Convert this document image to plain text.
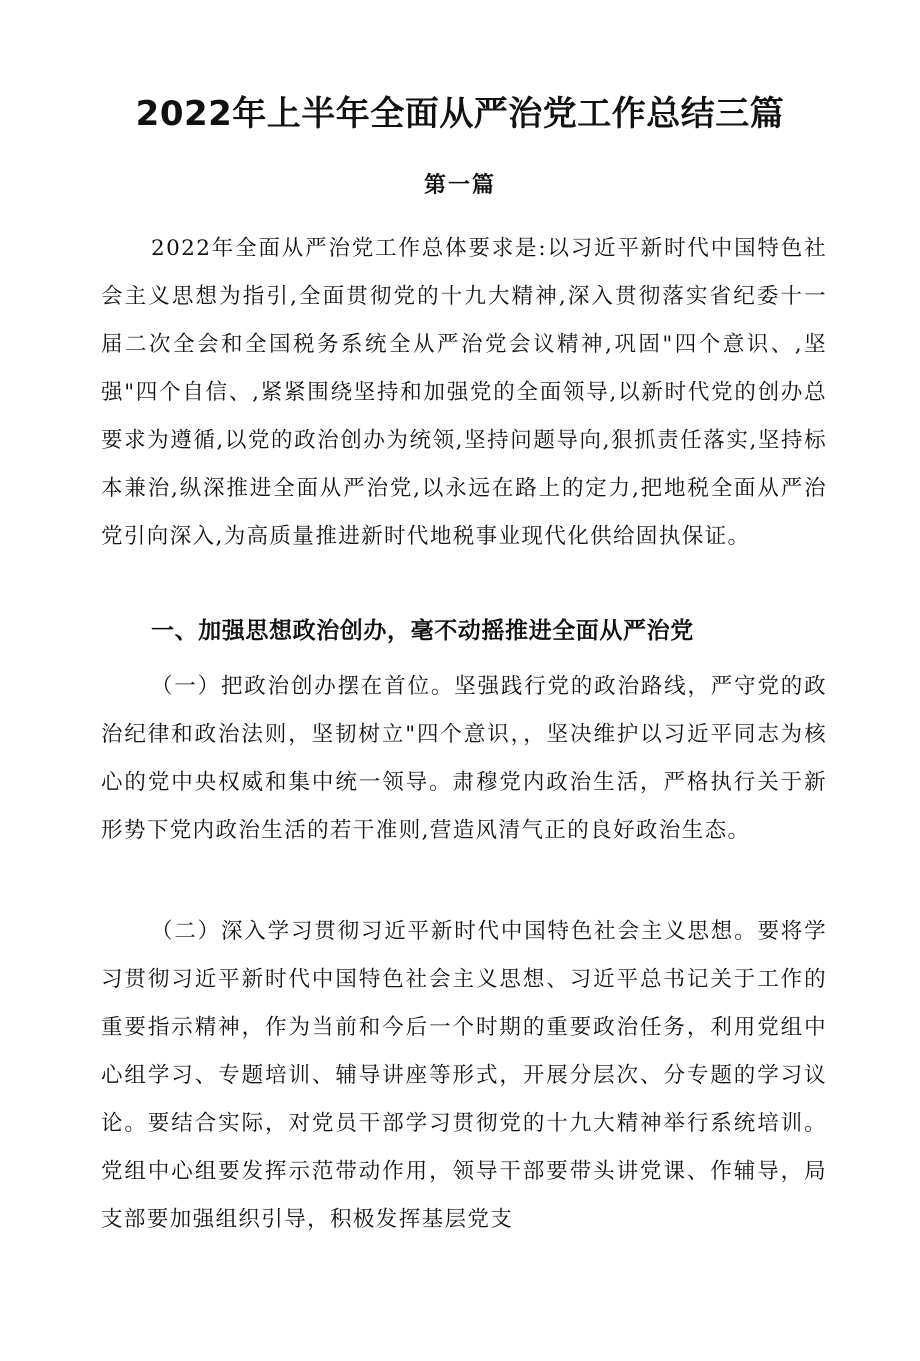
2022年上半年全面从严治党工作总结三篇
第一篇

2022年全面从严治党工作总体要求是:以习近平新时代中国特色社会主义思想为指引,全面贯彻党的十九大精神,深入贯彻落实省纪委十一届二次全会和全国税务系统全从严治党会议精神,巩固"四个意识、,坚强"四个自信、,紧紧围绕坚持和加强党的全面领导,以新时代党的创办总要求为遵循,以党的政治创办为统领,坚持问题导向,狠抓责任落实,坚持标本兼治,纵深推进全面从严治党,以永远在路上的定力,把地税全面从严治党引向深入,为高质量推进新时代地税事业现代化供给固执保证。

一、加强思想政治创办，毫不动摇推进全面从严治党

（一）把政治创办摆在首位。坚强践行党的政治路线，严守党的政治纪律和政治法则，坚韧树立"四个意识，，坚决维护以习近平同志为核心的党中央权威和集中统一领导。肃穆党内政治生活，严格执行关于新形势下党内政治生活的若干准则,营造风清气正的良好政治生态。

（二）深入学习贯彻习近平新时代中国特色社会主义思想。要将学习贯彻习近平新时代中国特色社会主义思想、习近平总书记关于工作的重要指示精神，作为当前和今后一个时期的重要政治任务，利用党组中心组学习、专题培训、辅导讲座等形式，开展分层次、分专题的学习议论。要结合实际，对党员干部学习贯彻党的十九大精神举行系统培训。党组中心组要发挥示范带动作用，领导干部要带头讲党课、作辅导，局支部要加强组织引导，积极发挥基层党支
